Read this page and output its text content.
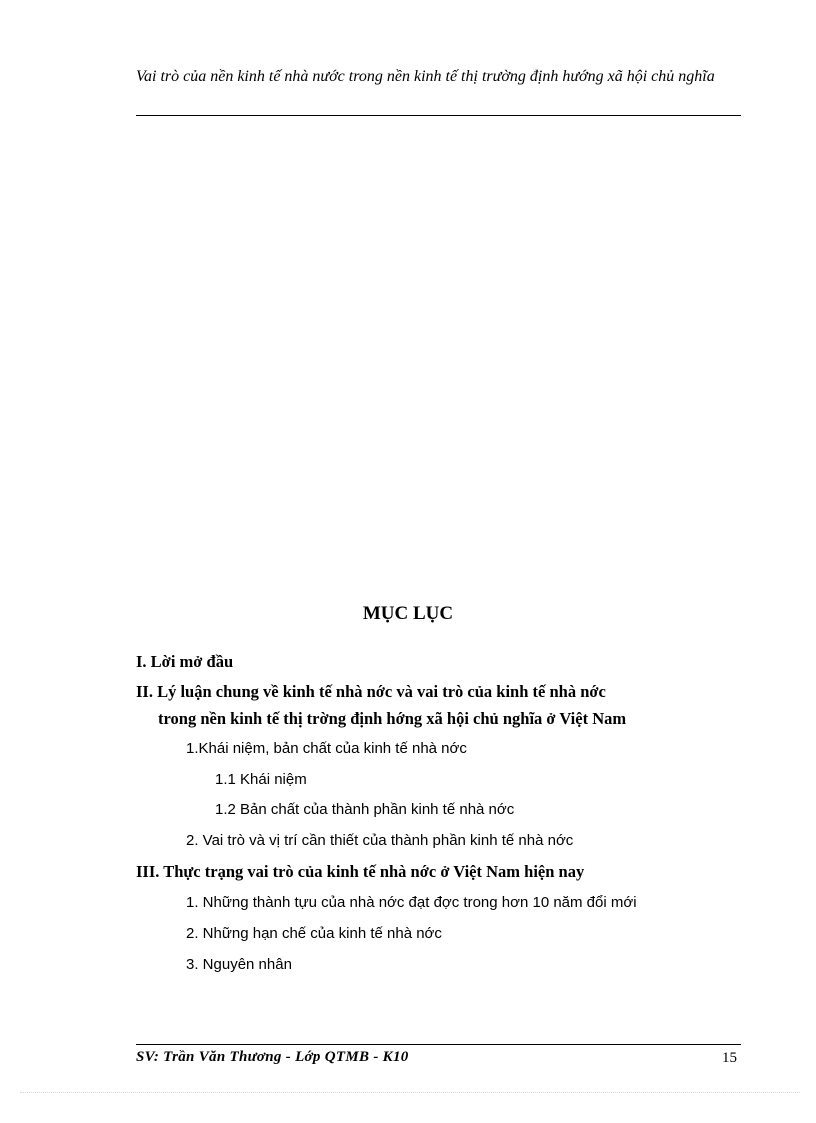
Vai trò của nền kinh tế nhà nước trong nền kinh tế thị trường định hướng xã hội chủ nghĩa
MỤC LỤC
I. Lời mở đầu
II. Lý luận chung về kinh tế nhà nớc và vai trò của kinh tế nhà nớc
trong nền kinh tế thị trờng định hớng xã hội chủ nghĩa ở Việt Nam
1.Khái niệm, bản chất của kinh tế nhà nớc
1.1 Khái niệm
1.2 Bản chất của thành phần kinh tế nhà nớc
2. Vai trò và vị trí cần thiết của thành phần kinh tế nhà nớc
III. Thực trạng vai trò của kinh tế nhà nớc ở Việt Nam hiện nay
1. Những thành tựu của nhà nớc đạt đợc trong hơn 10 năm đổi mới
2. Những hạn chế của kinh tế nhà nớc
3. Nguyên nhân
SV: Trần Văn Thương - Lớp QTMB - K10	15
